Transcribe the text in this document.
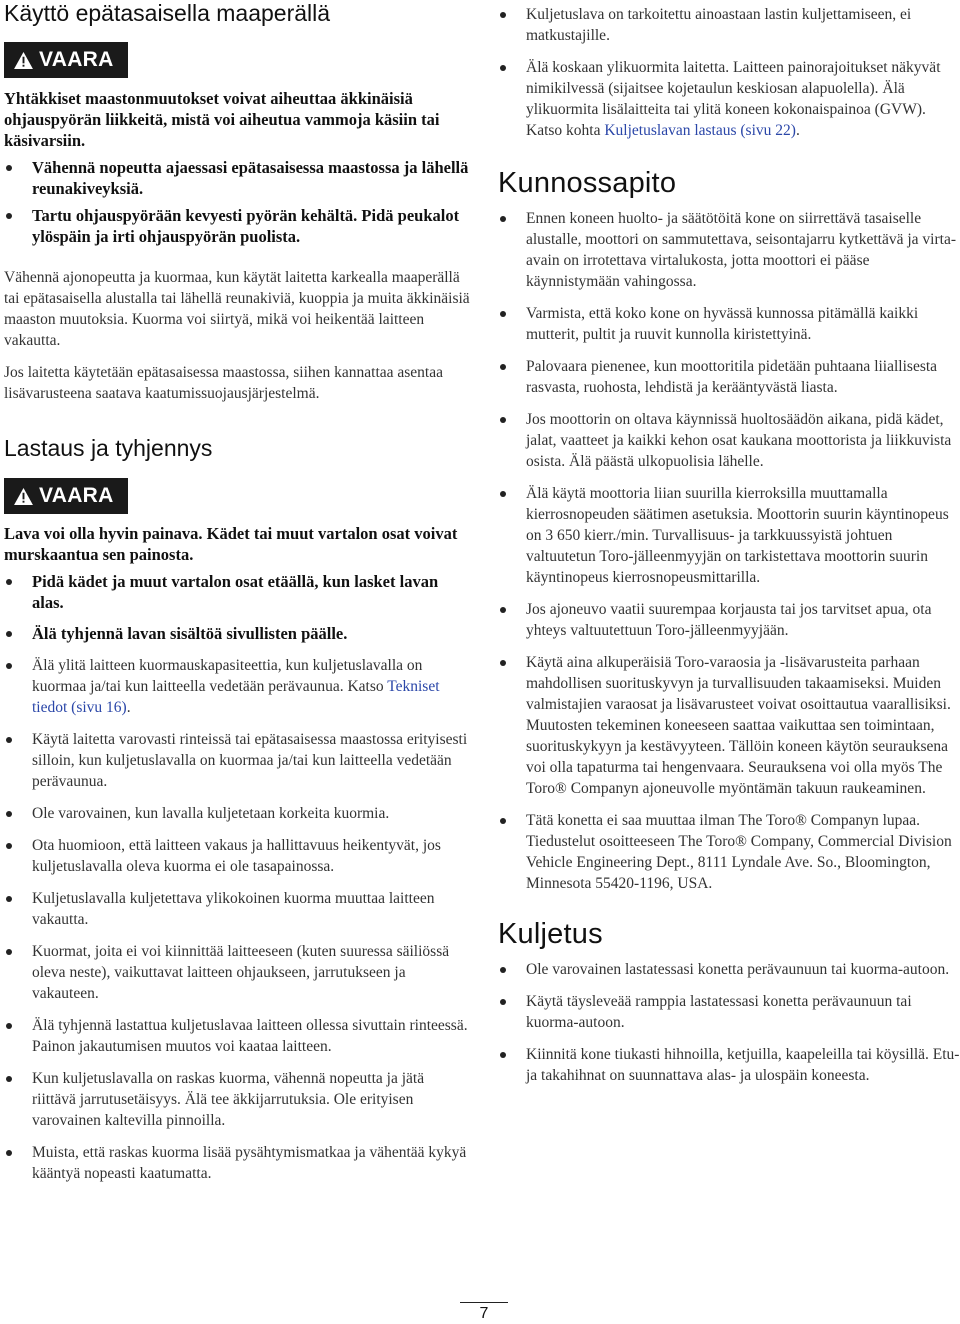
Käyttö epätasaisella maaperällä
VAARA

Yhtäkkiset maastonmuutokset voivat aiheuttaa äkkinäisiä ohjauspyörän liikkeitä, mistä voi aiheutua vammoja käsiin tai käsivarsiin.

Vähennä nopeutta ajaessasi epätasaisessa maastossa ja lähellä reunakiveyksiä.
Tartu ohjauspyörään kevyesti pyörän kehältä. Pidä peukalot ylöspäin ja irti ohjauspyörän puolista.

Vähennä ajonopeutta ja kuormaa, kun käytät laitetta karkealla maaperällä tai epätasaisella alustalla tai lähellä reunakiviä, kuoppia ja muita äkkinäisiä maaston muutoksia. Kuorma voi siirtyä, mikä voi heikentää laitteen vakautta.

Jos laitetta käytetään epätasaisessa maastossa, siihen kannattaa asentaa lisävarusteena saatava kaatumissuojausjärjestelmä.

Lastaus ja tyhjennys
VAARA

Lava voi olla hyvin painava. Kädet tai muut vartalon osat voivat murskaantua sen painosta.

Pidä kädet ja muut vartalon osat etäällä, kun lasket lavan alas.
Älä tyhjennä lavan sisältöä sivullisten päälle.
Älä ylitä laitteen kuormauskapasiteettia, kun kuljetuslavalla on kuormaa ja/tai kun laitteella vedetään perävaunua. Katso Tekniset tiedot (sivu 16).
Käytä laitetta varovasti rinteissä tai epätasaisessa maastossa erityisesti silloin, kun kuljetuslavalla on kuormaa ja/tai kun laitteella vedetään perävaunua.
Ole varovainen, kun lavalla kuljetetaan korkeita kuormia.
Ota huomioon, että laitteen vakaus ja hallittavuus heikentyvät, jos kuljetuslavalla oleva kuorma ei ole tasapainossa.
Kuljetuslavalla kuljetettava ylikokoinen kuorma muuttaa laitteen vakautta.
Kuormat, joita ei voi kiinnittää laitteeseen (kuten suuressa säiliössä oleva neste), vaikuttavat laitteen ohjaukseen, jarrutukseen ja vakauteen.
Älä tyhjennä lastattua kuljetuslavaa laitteen ollessa sivuttain rinteessä. Painon jakautumisen muutos voi kaataa laitteen.
Kun kuljetuslavalla on raskas kuorma, vähennä nopeutta ja jätä riittävä jarrutusetäisyys. Älä tee äkkijarrutuksia. Ole erityisen varovainen kaltevilla pinnoilla.
Muista, että raskas kuorma lisää pysähtymismatkaa ja vähentää kykyä kääntyä nopeasti kaatumatta.
Kuljetuslava on tarkoitettu ainoastaan lastin kuljettamiseen, ei matkustajille.
Älä koskaan ylikuormita laitetta. Laitteen painorajoitukset näkyvät nimikilvessä (sijaitsee kojetaulun keskiosan alapuolella). Älä ylikuormita lisälaitteita tai ylitä koneen kokonaispainoa (GVW). Katso kohta Kuljetuslavan lastaus (sivu 22).
Kunnossapito
Ennen koneen huolto- ja säätötöitä kone on siirrettävä tasaiselle alustalle, moottori on sammutettava, seisontajarru kytkettävä ja virta-avain on irrotettava virtalukosta, jotta moottori ei pääse käynnistymään vahingossa.
Varmista, että koko kone on hyvässä kunnossa pitämällä kaikki mutterit, pultit ja ruuvit kunnolla kiristettyinä.
Palovaara pienenee, kun moottoritila pidetään puhtaana liiallisesta rasvasta, ruohosta, lehdistä ja kerääntyvästä liasta.
Jos moottorin on oltava käynnissä huoltosäädön aikana, pidä kädet, jalat, vaatteet ja kaikki kehon osat kaukana moottorista ja liikkuvista osista. Älä päästä ulkopuolisia lähelle.
Älä käytä moottoria liian suurilla kierroksilla muuttamalla kierrosnopeuden säätimen asetuksia. Moottorin suurin käyntinopeus on 3 650 kierr./min. Turvallisuus- ja tarkkuussyistä johtuen valtuutetun Toro-jälleenmyyjän on tarkistettava moottorin suurin käyntinopeus kierrosnopeusmittarilla.
Jos ajoneuvo vaatii suurempaa korjausta tai jos tarvitset apua, ota yhteys valtuutettuun Toro-jälleenmyyjään.
Käytä aina alkuperäisiä Toro-varaosia ja -lisävarusteita parhaan mahdollisen suorituskyvyn ja turvallisuuden takaamiseksi. Muiden valmistajien varaosat ja lisävarusteet voivat osoittautua vaarallisiksi. Muutosten tekeminen koneeseen saattaa vaikuttaa sen toimintaan, suorituskykyyn ja kestävyyteen. Tällöin koneen käytön seurauksena voi olla tapaturma tai hengenvaara. Seurauksena voi olla myös The Toro® Companyn ajoneuvolle myöntämän takuun raukeaminen.
Tätä konetta ei saa muuttaa ilman The Toro® Companyn lupaa. Tiedustelut osoitteeseen The Toro® Company, Commercial Division Vehicle Engineering Dept., 8111 Lyndale Ave. So., Bloomington, Minnesota 55420-1196, USA.
Kuljetus
Ole varovainen lastatessasi konetta perävaunuun tai kuorma-autoon.
Käytä täysleveää ramppia lastatessasi konetta perävaunuun tai kuorma-autoon.
Kiinnitä kone tiukasti hihnoilla, ketjuilla, kaapeleilla tai köysillä. Etu- ja takahihnat on suunnattava alas- ja ulospäin koneesta.
7
